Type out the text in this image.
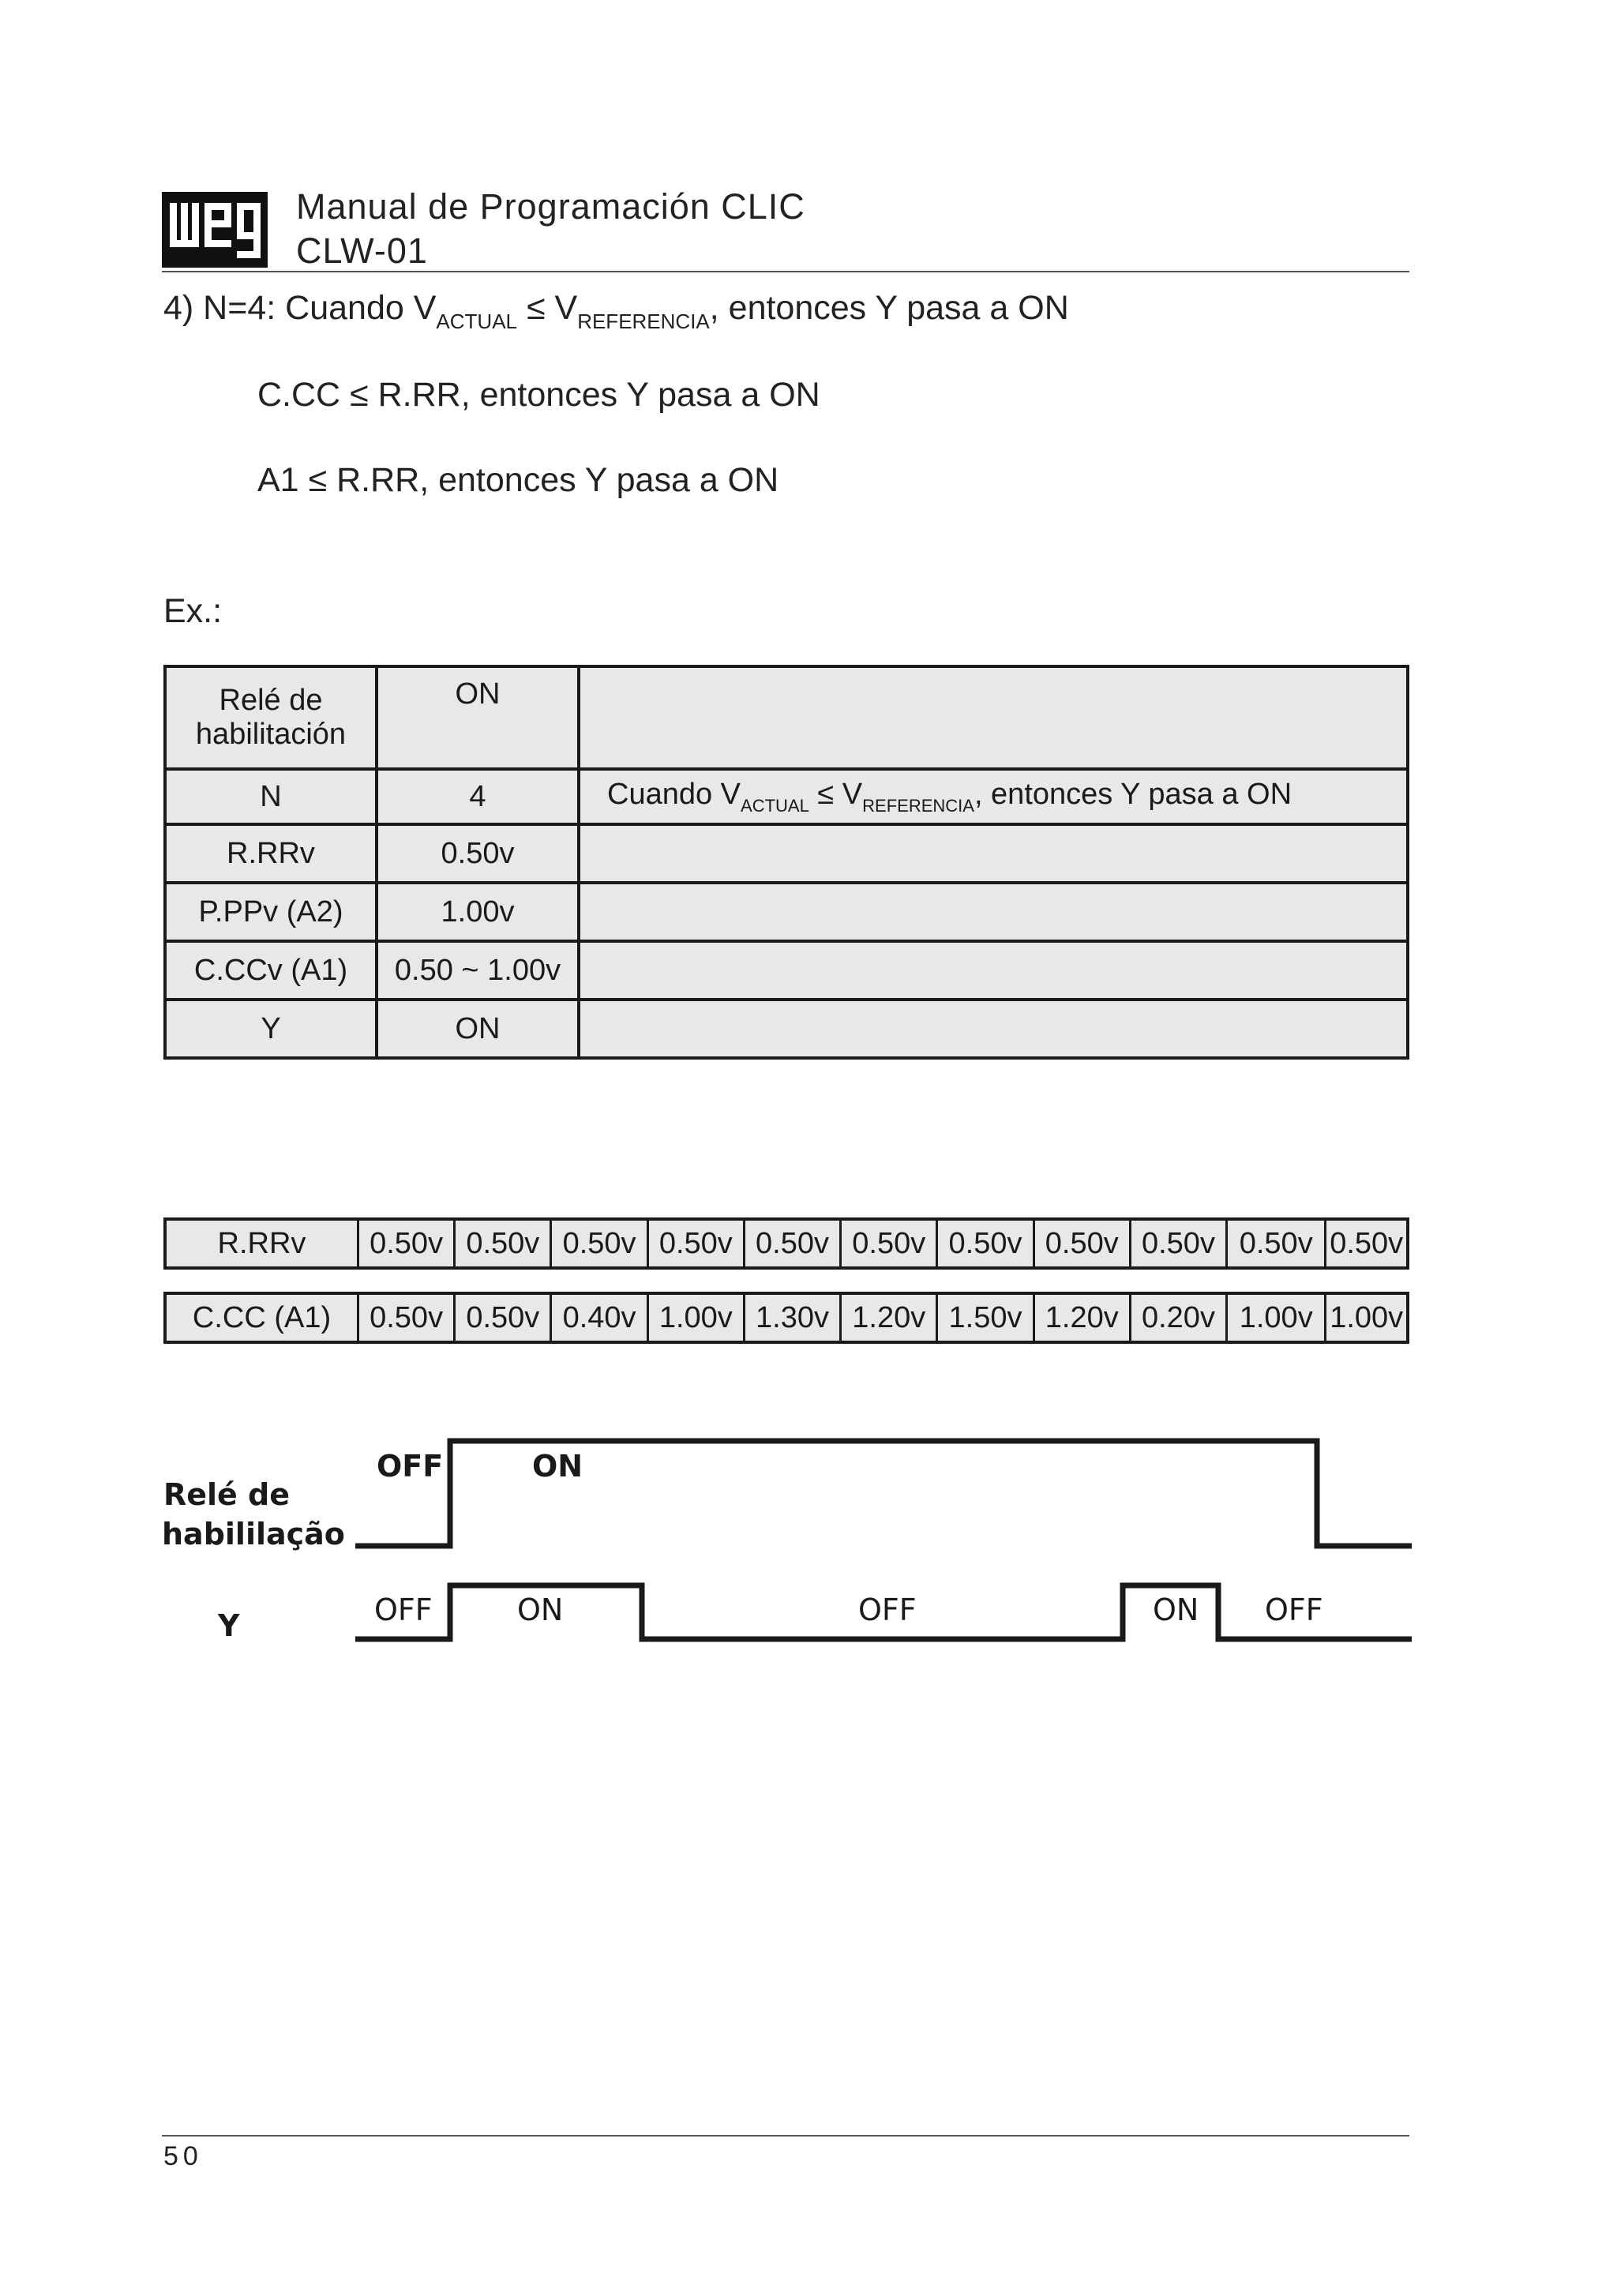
Manual de Programación CLIC
CLW-01
4) N=4: Cuando $V_{ACTUAL} \le V_{REFERENCIA}$, entonces Y pasa a ON
C.CC ≤ R.RR, entonces Y pasa a ON
A1 ≤ R.RR, entonces Y pasa a ON
Ex.:
Relé de
habilitación	ON	
N	4	Cuando $V_{ACTUAL} \le V_{REFERENCIA}$, entonces Y pasa a ON
R.RRv	0.50v	
P.PPv (A2)	1.00v	
C.CCv (A1)	0.50 ~ 1.00v	
Y	ON	
R.RRv	0.50v	0.50v	0.50v	0.50v	0.50v	0.50v	0.50v	0.50v	0.50v	0.50v	0.50v
C.CC (A1)	0.50v	0.50v	0.40v	1.00v	1.30v	1.20v	1.50v	1.20v	0.20v	1.00v	1.00v
Relé de
habililação
Y
OFF	ON
OFF	ON	OFF	ON OFF
50
